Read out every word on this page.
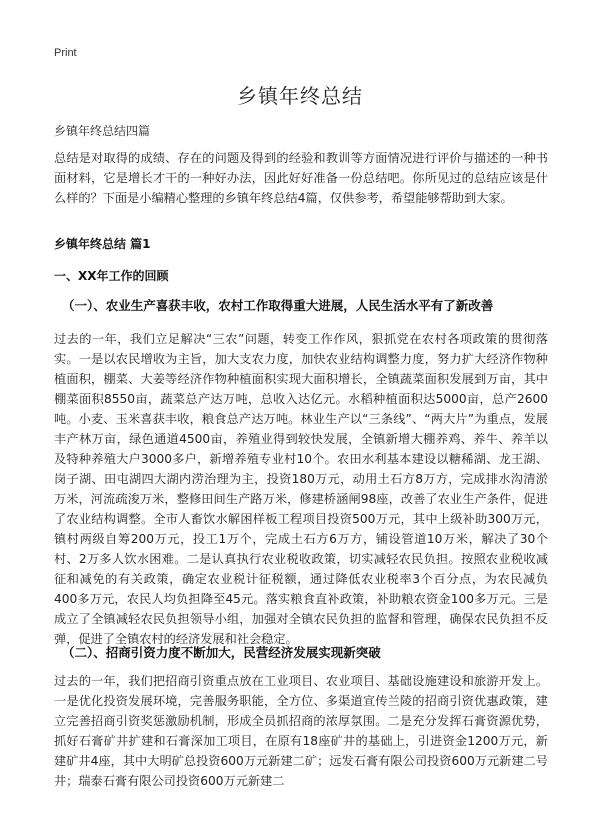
Print
乡镇年终总结
乡镇年终总结四篇

总结是对取得的成绩、存在的问题及得到的经验和教训等方面情况进行评价与描述的一种书面材料，它是增长才干的一种好办法，因此好好准备一份总结吧。你所见过的总结应该是什么样的？下面是小编精心整理的乡镇年终总结4篇，仅供参考，希望能够帮助到大家。

乡镇年终总结 篇1
一、XX年工作的回顾
（一）、农业生产喜获丰收，农村工作取得重大进展，人民生活水平有了新改善

过去的一年，我们立足解决“三农”问题，转变工作作风，狠抓党在农村各项政策的贯彻落实。一是以农民增收为主旨，加大支农力度，加快农业结构调整力度，努力扩大经济作物种植面积，棚菜、大姜等经济作物种植面积实现大面积增长，全镇蔬菜面积发展到万亩，其中棚菜面积8550亩，蔬菜总产达万吨，总收入达亿元。水稻种植面积达5000亩，总产2600吨。小麦、玉米喜获丰收，粮食总产达万吨。林业生产以“三条线”、“两大片”为重点，发展丰产林万亩，绿色通道4500亩，养殖业得到较快发展，全镇新增大棚养鸡、养牛、养羊以及特种养殖大户3000多户，新增养殖专业村10个。农田水利基本建设以糖稀湖、龙王湖、岗子湖、田屯湖四大湖内涝治理为主，投资180万元，动用土石方8万方，完成排水沟清淤万米，河流疏浚万米，整修田间生产路万米，修建桥涵闸98座，改善了农业生产条件，促进了农业结构调整。全市人畜饮水解困样板工程项目投资500万元，其中上级补助300万元，镇村两级自筹200万元，投工1万个，完成土石方6万方，铺设管道10万米，解决了30个村、2万多人饮水困难。二是认真执行农业税收政策，切实减轻农民负担。按照农业税收减征和减免的有关政策，确定农业税计征税额，通过降低农业税率3个百分点，为农民减负400多万元，农民人均负担降至45元。落实粮食直补政策，补助粮农资金100多万元。三是成立了全镇减轻农民负担领导小组，加强对全镇农民负担的监督和管理，确保农民负担不反弹，促进了全镇农村的经济发展和社会稳定。

（二）、招商引资力度不断加大，民营经济发展实现新突破

过去的一年，我们把招商引资重点放在工业项目、农业项目、基础设施建设和旅游开发上。一是优化投资发展环境，完善服务职能，全方位、多渠道宣传兰陵的招商引资优惠政策，建立完善招商引资奖惩激励机制，形成全员抓招商的浓厚氛围。二是充分发挥石膏资源优势，抓好石膏矿井扩建和石膏深加工项目，在原有18座矿井的基础上，引进资金1200万元，新建矿井4座，其中大明矿总投资600万元新建二矿；远发石膏有限公司投资600万元新建二号井；瑞泰石膏有限公司投资600万元新建二
